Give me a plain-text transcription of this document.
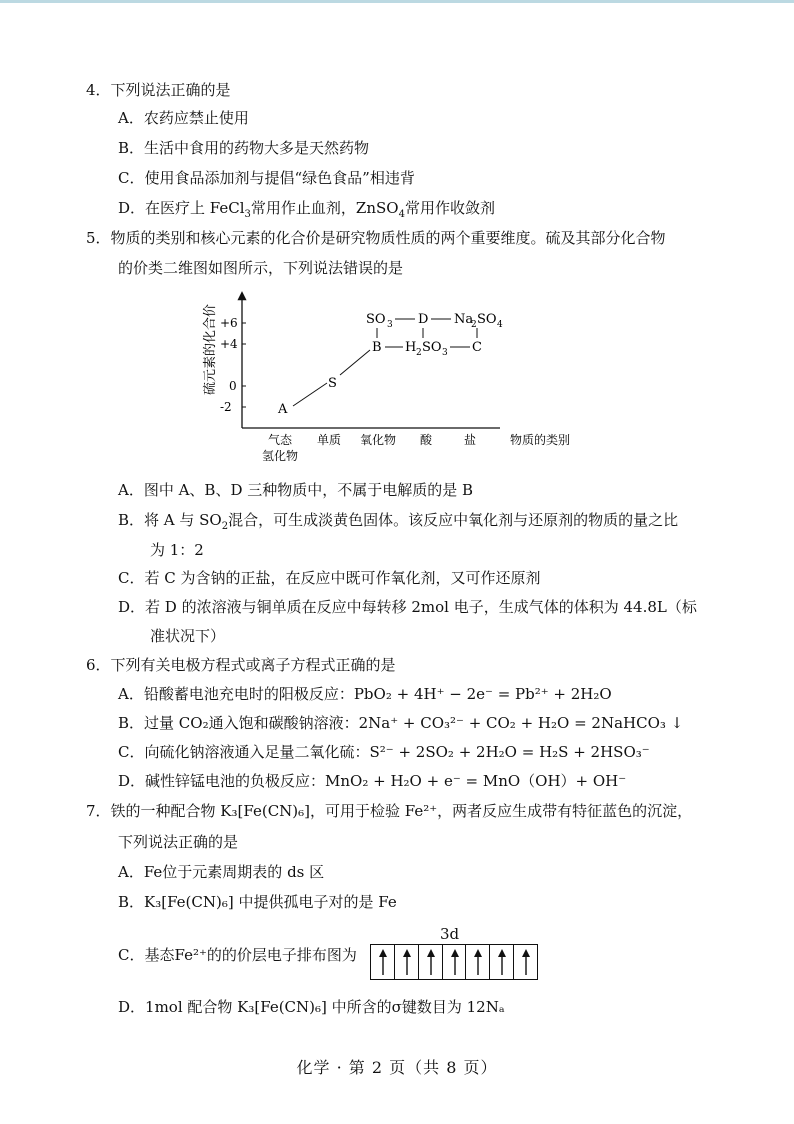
4．下列说法正确的是
A．农药应禁止使用
B．生活中食用的药物大多是天然药物
C．使用食品添加剂与提倡“绿色食品”相违背
D．在医疗上 FeCl$_3$常用作止血剂，ZnSO$_4$常用作收敛剂
5．物质的类别和核心元素的化合价是研究物质性质的两个重要维度。硫及其部分化合物
的价类二维图如图所示，下列说法错误的是
硫元素的化合价 +6
+4
0
-2
气态
氢化物
单质 氧化物 酸	盐	物质的类别
A
S
B H 2 SO 3 C
SO 3 D Na
2 SO 4
A．图中 A、B、D 三种物质中，不属于电解质的是 B
B．将 A 与 $SO_2$混合，可生成淡黄色固体。该反应中氧化剂与还原剂的物质的量之比
为 1：2
C．若 C 为含钠的正盐，在反应中既可作氧化剂，又可作还原剂
D．若 D 的浓溶液与铜单质在反应中每转移 2mol 电子，生成气体的体积为 44.8L（标
准状况下）
6．下列有关电极方程式或离子方程式正确的是
A．铅酸蓄电池充电时的阳极反应：PbO₂ + 4H⁺ − 2e⁻ = Pb²⁺ + 2H₂O
B．过量 CO₂通入饱和碳酸钠溶液：2Na⁺ + CO₃²⁻ + CO₂ + H₂O = 2NaHCO₃ ↓
C．向硫化钠溶液通入足量二氧化硫：S²⁻ + 2SO₂ + 2H₂O = H₂S + 2HSO₃⁻
D．碱性锌锰电池的负极反应：MnO₂ + H₂O + e⁻ = MnO（OH）+ OH⁻
7．铁的一种配合物 K₃[Fe(CN)₆]，可用于检验 Fe²⁺，两者反应生成带有特征蓝色的沉淀，
下列说法正确的是
A．Fe位于元素周期表的 ds 区
B．K₃[Fe(CN)₆] 中提供孤电子对的是 Fe
C．基态Fe²⁺的的价层电子排布图为
3d
D．1mol 配合物 K₃[Fe(CN)₆] 中所含的σ键数目为 12Nₐ
化学 · 第 2 页（共 8 页）
